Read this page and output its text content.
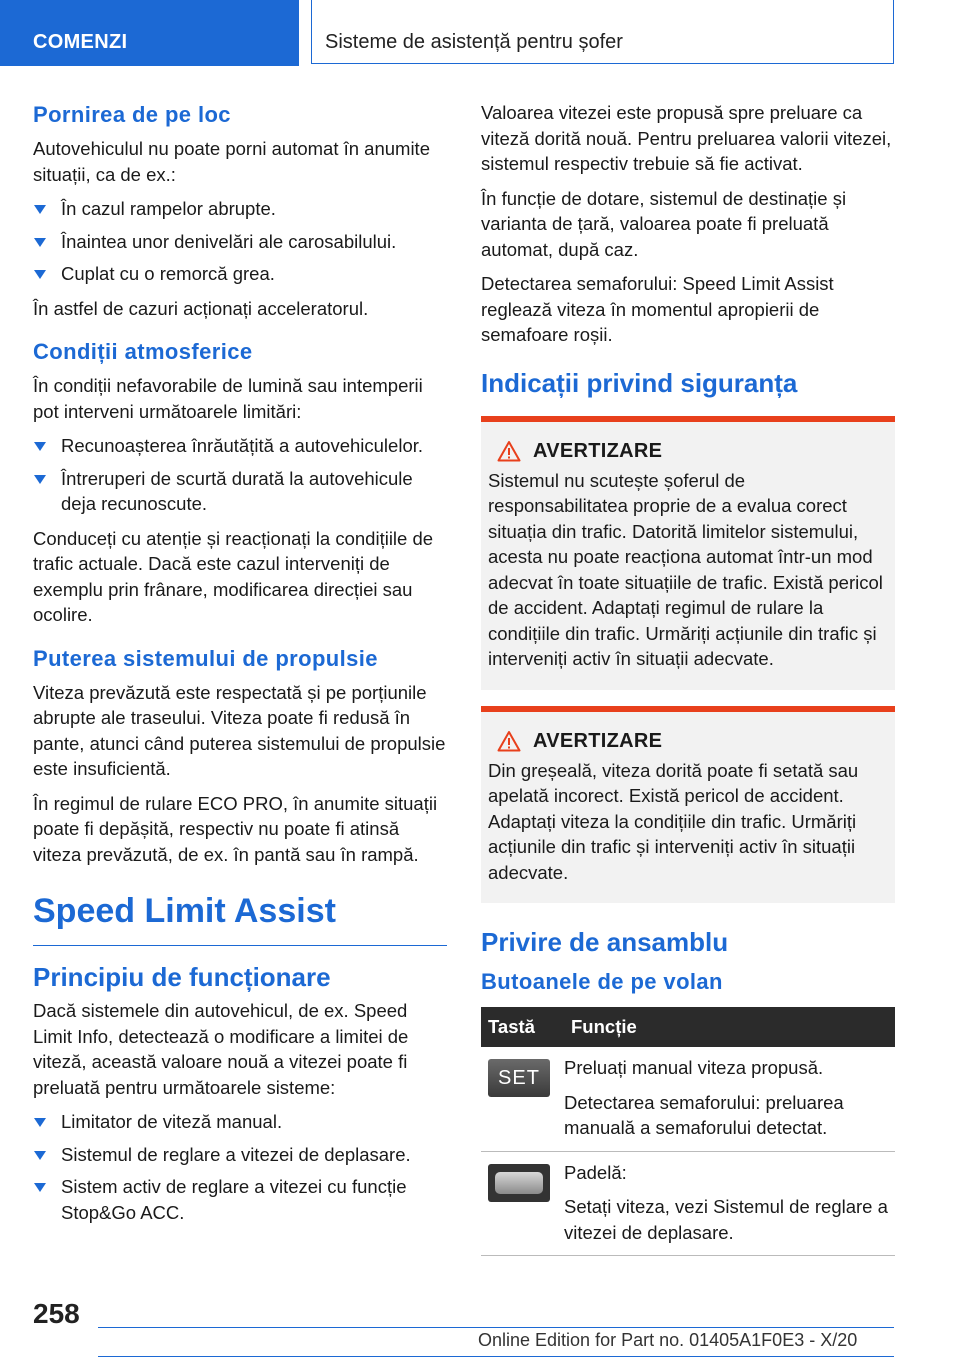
COMENZI	Sisteme de asistență pentru șofer
Pornirea de pe loc

Autovehiculul nu poate porni automat în anumite situații, ca de ex.:

În cazul rampelor abrupte.
Înaintea unor denivelări ale carosabilului.
Cuplat cu o remorcă grea.

În astfel de cazuri acționați acceleratorul.

Condiții atmosferice

În condiții nefavorabile de lumină sau intemperii pot interveni următoarele limitări:

Recunoașterea înrăutățită a autovehiculelor.
Întreruperi de scurtă durată la autovehicule deja recunoscute.

Conduceți cu atenție și reacționați la condițiile de trafic actuale. Dacă este cazul interveniți de exemplu prin frânare, modificarea direcției sau ocolire.

Puterea sistemului de propulsie

Viteza prevăzută este respectată și pe porțiunile abrupte ale traseului. Viteza poate fi redusă în pante, atunci când puterea sistemului de propulsie este insuficientă.

În regimul de rulare ECO PRO, în anumite situații poate fi depășită, respectiv nu poate fi atinsă viteza prevăzută, de ex. în pantă sau în rampă.

Speed Limit Assist
Principiu de funcționare

Dacă sistemele din autovehicul, de ex. Speed Limit Info, detectează o modificare a limitei de viteză, această valoare nouă a vitezei poate fi preluată pentru următoarele sisteme:

Limitator de viteză manual.
Sistemul de reglare a vitezei de deplasare.
Sistem activ de reglare a vitezei cu funcție Stop&Go ACC.

Valoarea vitezei este propusă spre preluare ca viteză dorită nouă. Pentru preluarea valorii vitezei, sistemul respectiv trebuie să fie activat.

În funcție de dotare, sistemul de destinație și varianta de țară, valoarea poate fi preluată automat, după caz.

Detectarea semaforului: Speed Limit Assist reglează viteza în momentul apropierii de semafoare roșii.

Indicații privind siguranța
AVERTIZARE

Sistemul nu scutește șoferul de responsabilitatea proprie de a evalua corect situația din trafic. Datorită limitelor sistemului, acesta nu poate reacționa automat într-un mod adecvat în toate situațiile de trafic. Există pericol de accident. Adaptați regimul de rulare la condițiile din trafic. Urmăriți acțiunile din trafic și interveniți activ în situații adecvate.

AVERTIZARE

Din greșeală, viteza dorită poate fi setată sau apelată incorect. Există pericol de accident. Adaptați viteza la condițiile din trafic. Urmăriți acțiunile din trafic și interveniți activ în situații adecvate.

Privire de ansamblu
Butoanele de pe volan
Tastă	Funcție

SET	Preluați manual viteza propusă.

Detectarea semaforului: preluarea manuală a semaforului detectat.

	Padelă:

Setați viteza, vezi Sistemul de reglare a vitezei de deplasare.

258
Online Edition for Part no. 01405A1F0E3 - X/20
